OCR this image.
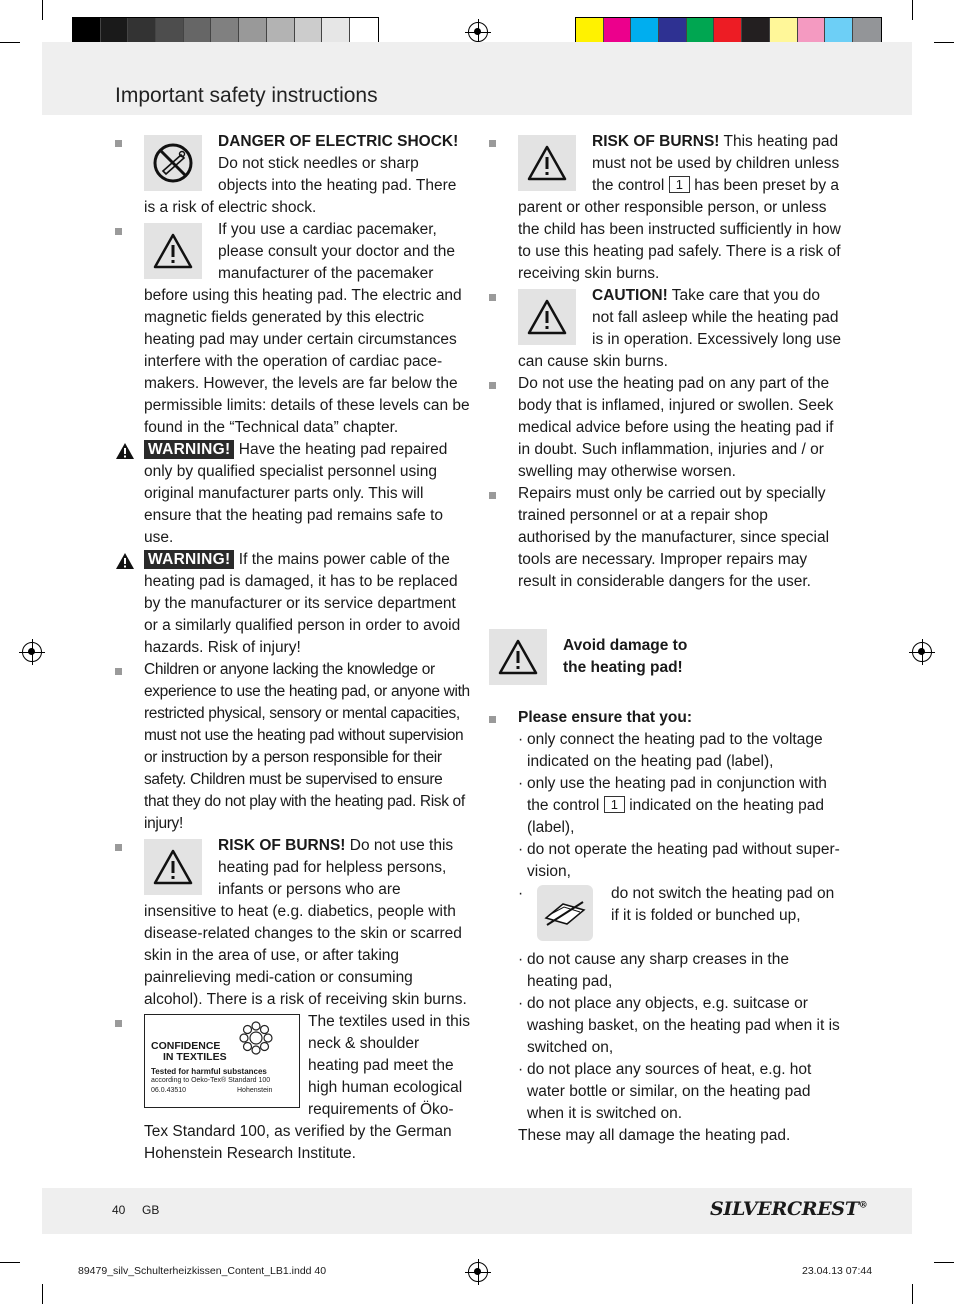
Important safety instructions

DANGER OF ELECTRIC SHOCK! Do not stick needles or sharp objects into the heating pad. There is a risk of electric shock.

If you use a cardiac pacemaker, please consult your doctor and the manufacturer of the pacemaker before using this heating pad. The electric and magnetic fields generated by this electric heating pad may under certain circumstances interfere with the operation of cardiac pace-makers. However, the levels are far below the permissible limits: details of these levels can be found in the “Technical data” chapter.

WARNING! Have the heating pad repaired only by qualified specialist personnel using original manufacturer parts only. This will ensure that the heating pad remains safe to use.

WARNING! If the mains power cable of the heating pad is damaged, it has to be replaced by the manufacturer or its service department or a similarly qualified person in order to avoid hazards. Risk of injury!

Children or anyone lacking the knowledge or experience to use the heating pad, or anyone with restricted physical, sensory or mental capacities, must not use the heating pad without supervision or instruction by a person responsible for their safety. Children must be supervised to ensure that they do not play with the heating pad. Risk of injury!

RISK OF BURNS! Do not use this heating pad for helpless persons, infants or persons who are insensitive to heat (e.g. diabetics, people with disease-related changes to the skin or scarred skin in the area of use, or after taking painrelieving medi-cation or consuming alcohol). There is a risk of receiving skin burns.

CONFIDENCE
IN TEXTILES
Tested for harmful substances
according to Oeko-Tex® Standard 100
06.0.43510	Hohenstein

The textiles used in this neck & shoulder heating pad meet the high human ecological requirements of Öko-Tex Standard 100, as verified by the German Hohenstein Research Institute.

RISK OF BURNS! This heating pad must not be used by children unless the control 1 has been preset by a parent or other responsible person, or unless the child has been instructed sufficiently in how to use this heating pad safely. There is a risk of receiving skin burns.

CAUTION! Take care that you do not fall asleep while the heating pad is in operation. Excessively long use can cause skin burns.

Do not use the heating pad on any part of the body that is inflamed, injured or swollen. Seek medical advice before using the heating pad if in doubt. Such inflammation, injuries and / or swelling may otherwise worsen.

Repairs must only be carried out by specially trained personnel or at a repair shop authorised by the manufacturer, since special tools are necessary. Improper repairs may result in considerable dangers for the user.

Avoid damage to
the heating pad!

Please ensure that you:

· only connect the heating pad to the voltage indicated on the heating pad (label),
· only use the heating pad in conjunction with the control 1 indicated on the heating pad (label),
· do not operate the heating pad without super-vision,
· do not switch the heating pad on if it is folded or bunched up,
· do not cause any sharp creases in the heating pad,
· do not place any objects, e.g. suitcase or washing basket, on the heating pad when it is switched on,
· do not place any sources of heat, e.g. hot water bottle or similar, on the heating pad when it is switched on.

These may all damage the heating pad.

40 GB	SILVERCREST®
89479_silv_Schulterheizkissen_Content_LB1.indd 40	23.04.13 07:44
